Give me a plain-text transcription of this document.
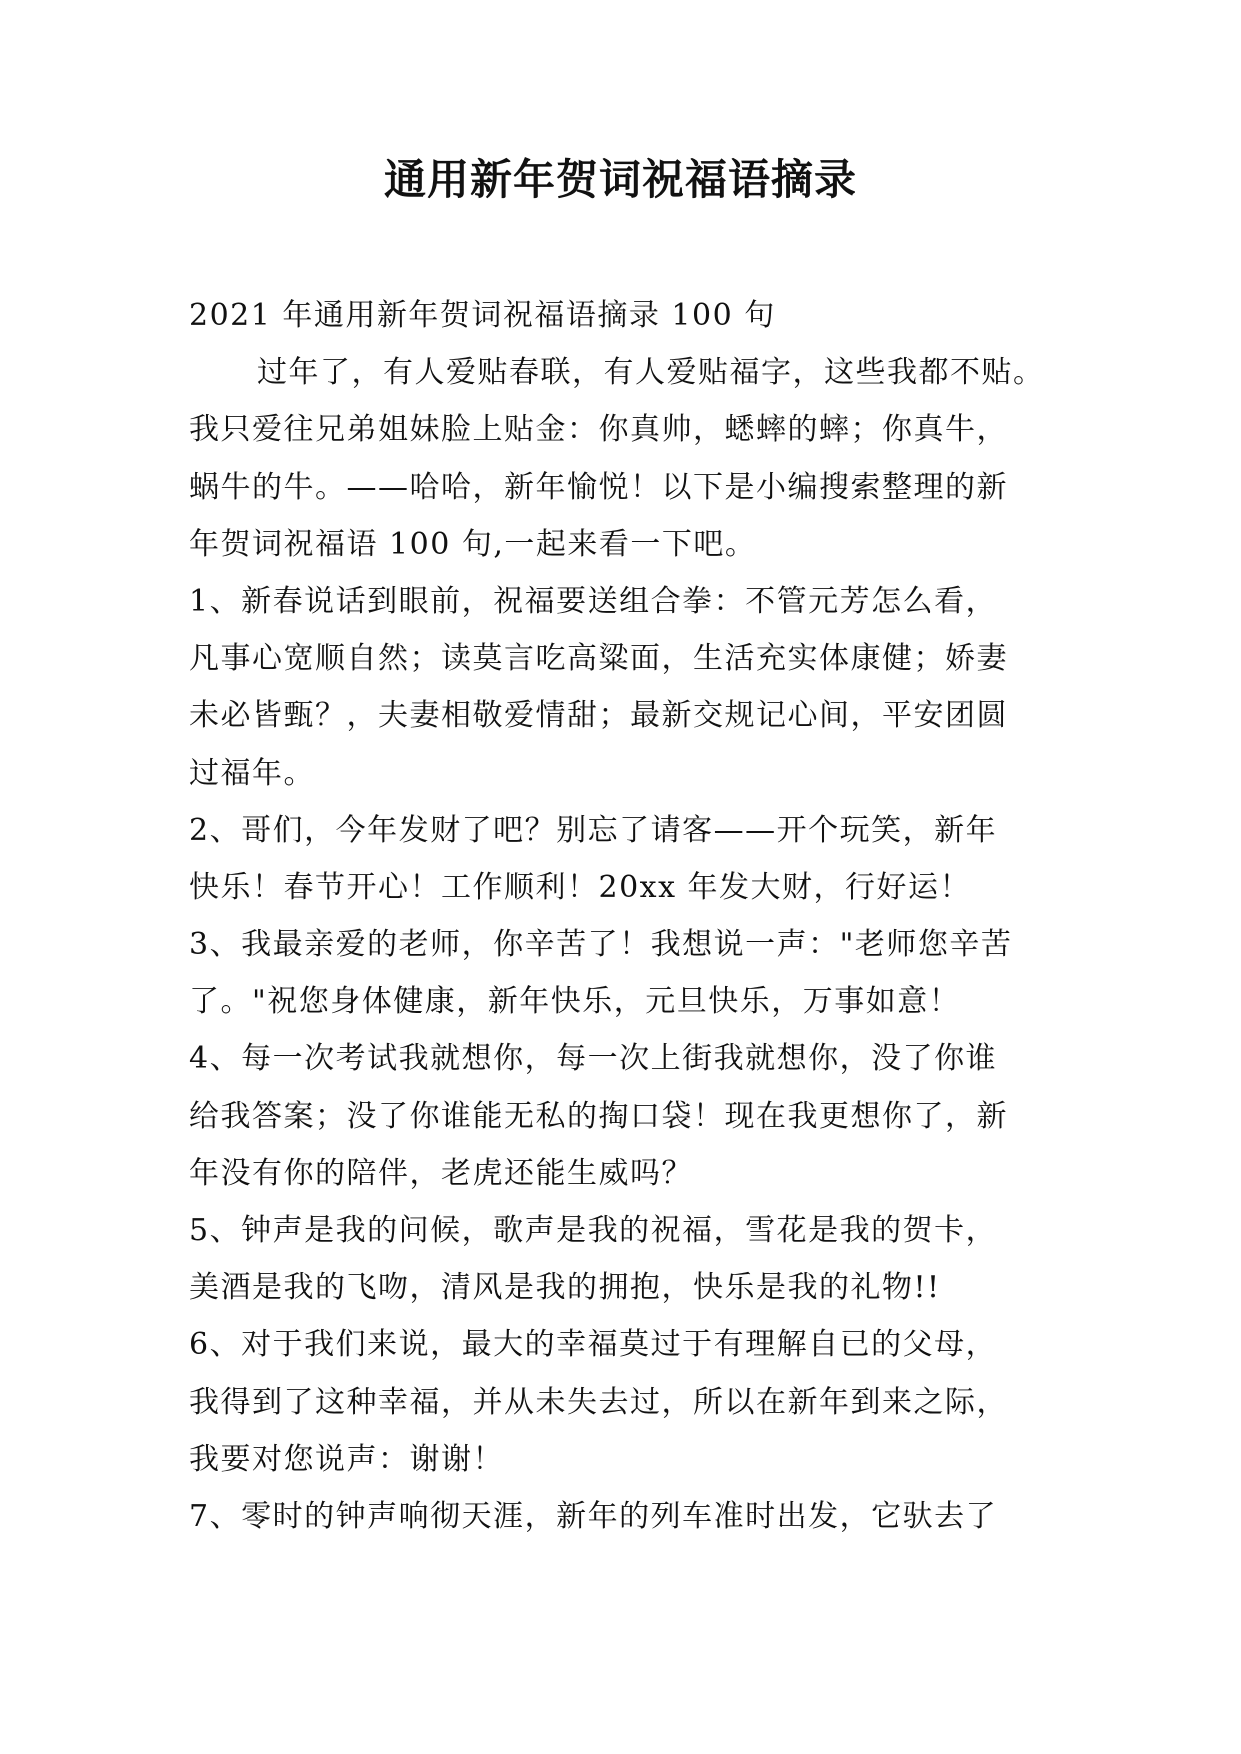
通用新年贺词祝福语摘录
2021 年通用新年贺词祝福语摘录 100 句
过年了，有人爱贴春联，有人爱贴福字，这些我都不贴。
我只爱往兄弟姐妹脸上贴金：你真帅，蟋蟀的蟀；你真牛，
蜗牛的牛。——哈哈，新年愉悦！以下是小编搜索整理的新
年贺词祝福语 100 句,一起来看一下吧。
1、新春说话到眼前，祝福要送组合拳：不管元芳怎么看，
凡事心宽顺自然；读莫言吃高粱面，生活充实体康健；娇妻
未必皆甄？，夫妻相敬爱情甜；最新交规记心间，平安团圆
过福年。
2、哥们，今年发财了吧？别忘了请客——开个玩笑，新年
快乐！春节开心！工作顺利！20xx 年发大财，行好运！
3、我最亲爱的老师，你辛苦了！我想说一声："老师您辛苦
了。"祝您身体健康，新年快乐，元旦快乐，万事如意！
4、每一次考试我就想你，每一次上街我就想你，没了你谁
给我答案；没了你谁能无私的掏口袋！现在我更想你了，新
年没有你的陪伴，老虎还能生威吗？
5、钟声是我的问候，歌声是我的祝福，雪花是我的贺卡，
美酒是我的飞吻，清风是我的拥抱，快乐是我的礼物!!
6、对于我们来说，最大的幸福莫过于有理解自已的父母，
我得到了这种幸福，并从未失去过，所以在新年到来之际，
我要对您说声：谢谢！
7、零时的钟声响彻天涯，新年的列车准时出发，它驮去了
